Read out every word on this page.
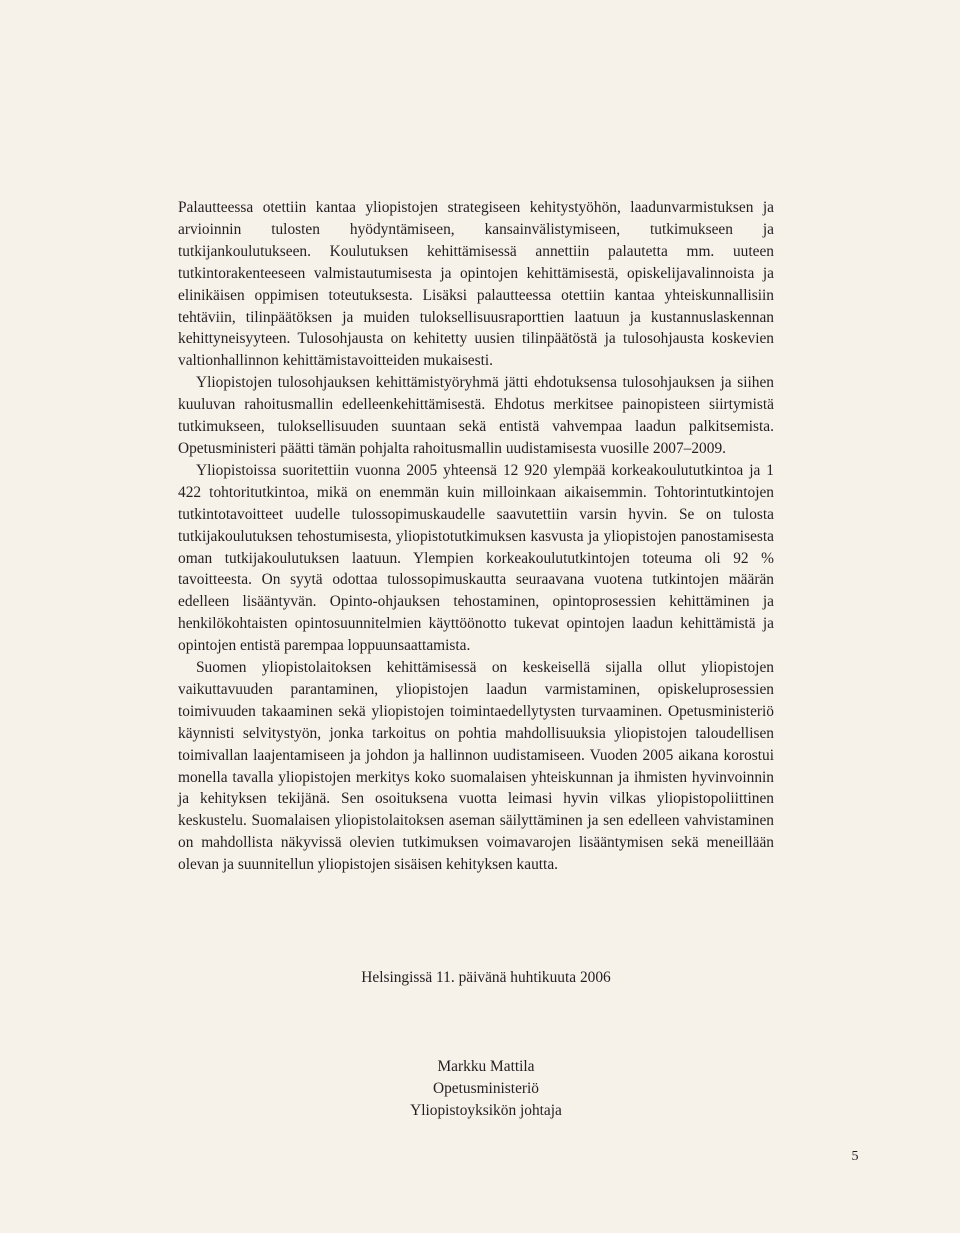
Palautteessa otettiin kantaa yliopistojen strategiseen kehitystyöhön, laadunvarmistuksen ja arvioinnin tulosten hyödyntämiseen, kansainvälistymiseen, tutkimukseen ja tutkijankoulutukseen. Koulutuksen kehittämisessä annettiin palautetta mm. uuteen tutkintorakenteeseen valmistautumisesta ja opintojen kehittämisestä, opiskelijavalinnoista ja elinikäisen oppimisen toteutuksesta. Lisäksi palautteessa otettiin kantaa yhteiskunnallisiin tehtäviin, tilinpäätöksen ja muiden tuloksellisuusraporttien laatuun ja kustannuslaskennan kehittyneisyyteen. Tulosohjausta on kehitetty uusien tilinpäätöstä ja tulosohjausta koskevien valtionhallinnon kehittämistavoitteiden mukaisesti.

Yliopistojen tulosohjauksen kehittämistyöryhmä jätti ehdotuksensa tulosohjauksen ja siihen kuuluvan rahoitusmallin edelleenkehittämisestä. Ehdotus merkitsee painopisteen siirtymistä tutkimukseen, tuloksellisuuden suuntaan sekä entistä vahvempaa laadun palkitsemista. Opetusministeri päätti tämän pohjalta rahoitusmallin uudistamisesta vuosille 2007–2009.

Yliopistoissa suoritettiin vuonna 2005 yhteensä 12 920 ylempää korkeakoulututkintoa ja 1 422 tohtoritutkintoa, mikä on enemmän kuin milloinkaan aikaisemmin. Tohtorintutkintojen tutkintotavoitteet uudelle tulossopimuskaudelle saavutettiin varsin hyvin. Se on tulosta tutkijakoulutuksen tehostumisesta, yliopistotutkimuksen kasvusta ja yliopistojen panostamisesta oman tutkijakoulutuksen laatuun. Ylempien korkeakoulututkintojen toteuma oli 92 % tavoitteesta. On syytä odottaa tulossopimuskautta seuraavana vuotena tutkintojen määrän edelleen lisääntyvän. Opinto-ohjauksen tehostaminen, opintoprosessien kehittäminen ja henkilökohtaisten opintosuunnitelmien käyttöönotto tukevat opintojen laadun kehittämistä ja opintojen entistä parempaa loppuunsaattamista.

Suomen yliopistolaitoksen kehittämisessä on keskeisellä sijalla ollut yliopistojen vaikuttavuuden parantaminen, yliopistojen laadun varmistaminen, opiskeluprosessien toimivuuden takaaminen sekä yliopistojen toimintaedellytysten turvaaminen. Opetusministeriö käynnisti selvitystyön, jonka tarkoitus on pohtia mahdollisuuksia yliopistojen taloudellisen toimivallan laajentamiseen ja johdon ja hallinnon uudistamiseen. Vuoden 2005 aikana korostui monella tavalla yliopistojen merkitys koko suomalaisen yhteiskunnan ja ihmisten hyvinvoinnin ja kehityksen tekijänä. Sen osoituksena vuotta leimasi hyvin vilkas yliopistopoliittinen keskustelu. Suomalaisen yliopistolaitoksen aseman säilyttäminen ja sen edelleen vahvistaminen on mahdollista näkyvissä olevien tutkimuksen voimavarojen lisääntymisen sekä meneillään olevan ja suunnitellun yliopistojen sisäisen kehityksen kautta.

Helsingissä 11. päivänä huhtikuuta 2006
Markku Mattila
Opetusministeriö
Yliopistoyksikön johtaja
5
